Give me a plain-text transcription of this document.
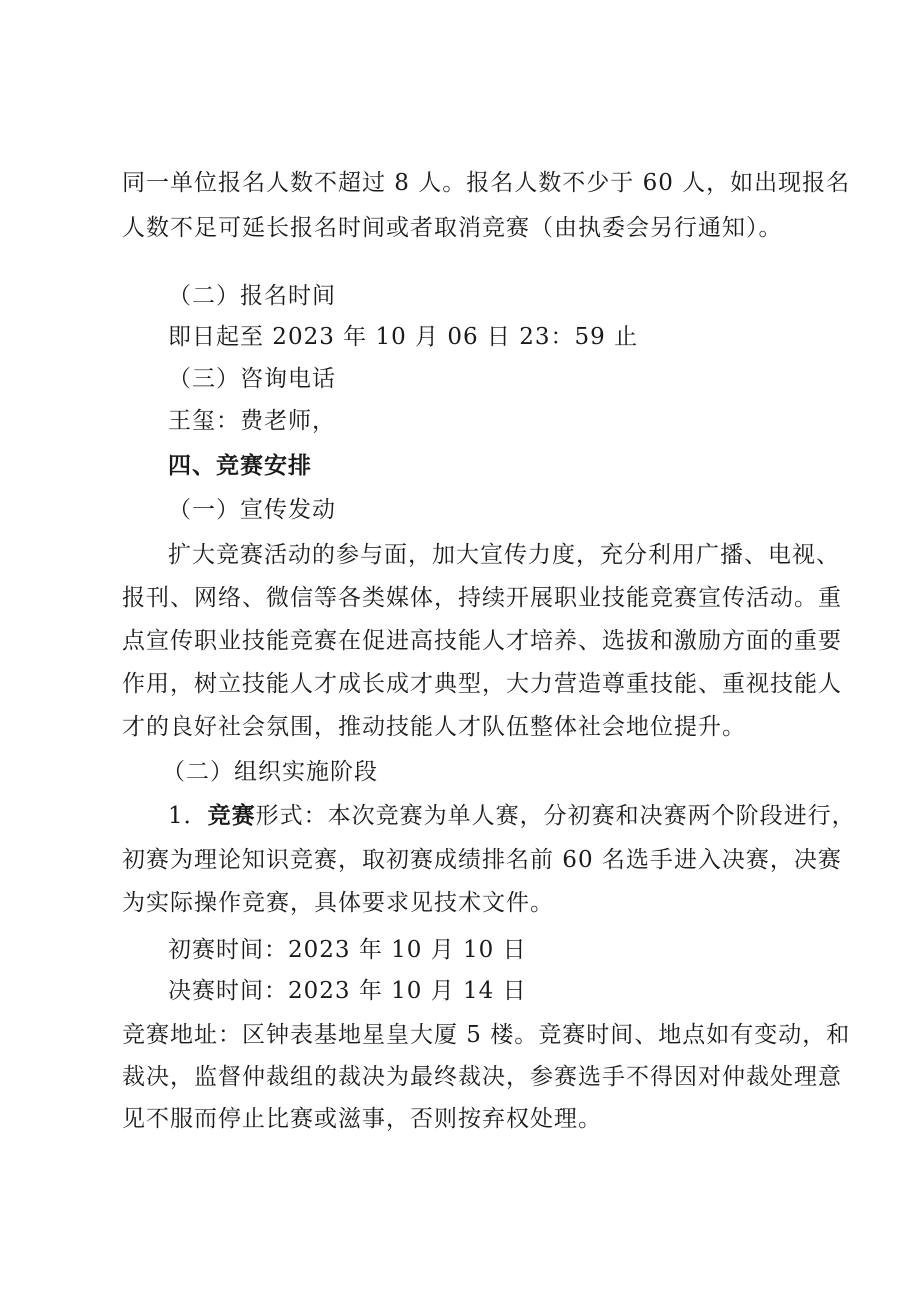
同一单位报名人数不超过 8 人。报名人数不少于 60 人，如出现报名
人数不足可延长报名时间或者取消竞赛（由执委会另行通知）。
（二）报名时间
即日起至 2023 年 10 月 06 日 23：59 止
（三）咨询电话
王玺：费老师，
四、竞赛安排
（一）宣传发动
扩大竞赛活动的参与面，加大宣传力度，充分利用广播、电视、
报刊、网络、微信等各类媒体，持续开展职业技能竞赛宣传活动。重
点宣传职业技能竞赛在促进高技能人才培养、选拔和激励方面的重要
作用，树立技能人才成长成才典型，大力营造尊重技能、重视技能人
才的良好社会氛围，推动技能人才队伍整体社会地位提升。
（二）组织实施阶段
1．竞赛形式：本次竞赛为单人赛，分初赛和决赛两个阶段进行，
初赛为理论知识竞赛，取初赛成绩排名前 60 名选手进入决赛，决赛
为实际操作竞赛，具体要求见技术文件。
初赛时间：2023 年 10 月 10 日
决赛时间：2023 年 10 月 14 日
竞赛地址：区钟表基地星皇大厦 5 楼。竞赛时间、地点如有变动，和
裁决，监督仲裁组的裁决为最终裁决，参赛选手不得因对仲裁处理意
见不服而停止比赛或滋事，否则按弃权处理。
